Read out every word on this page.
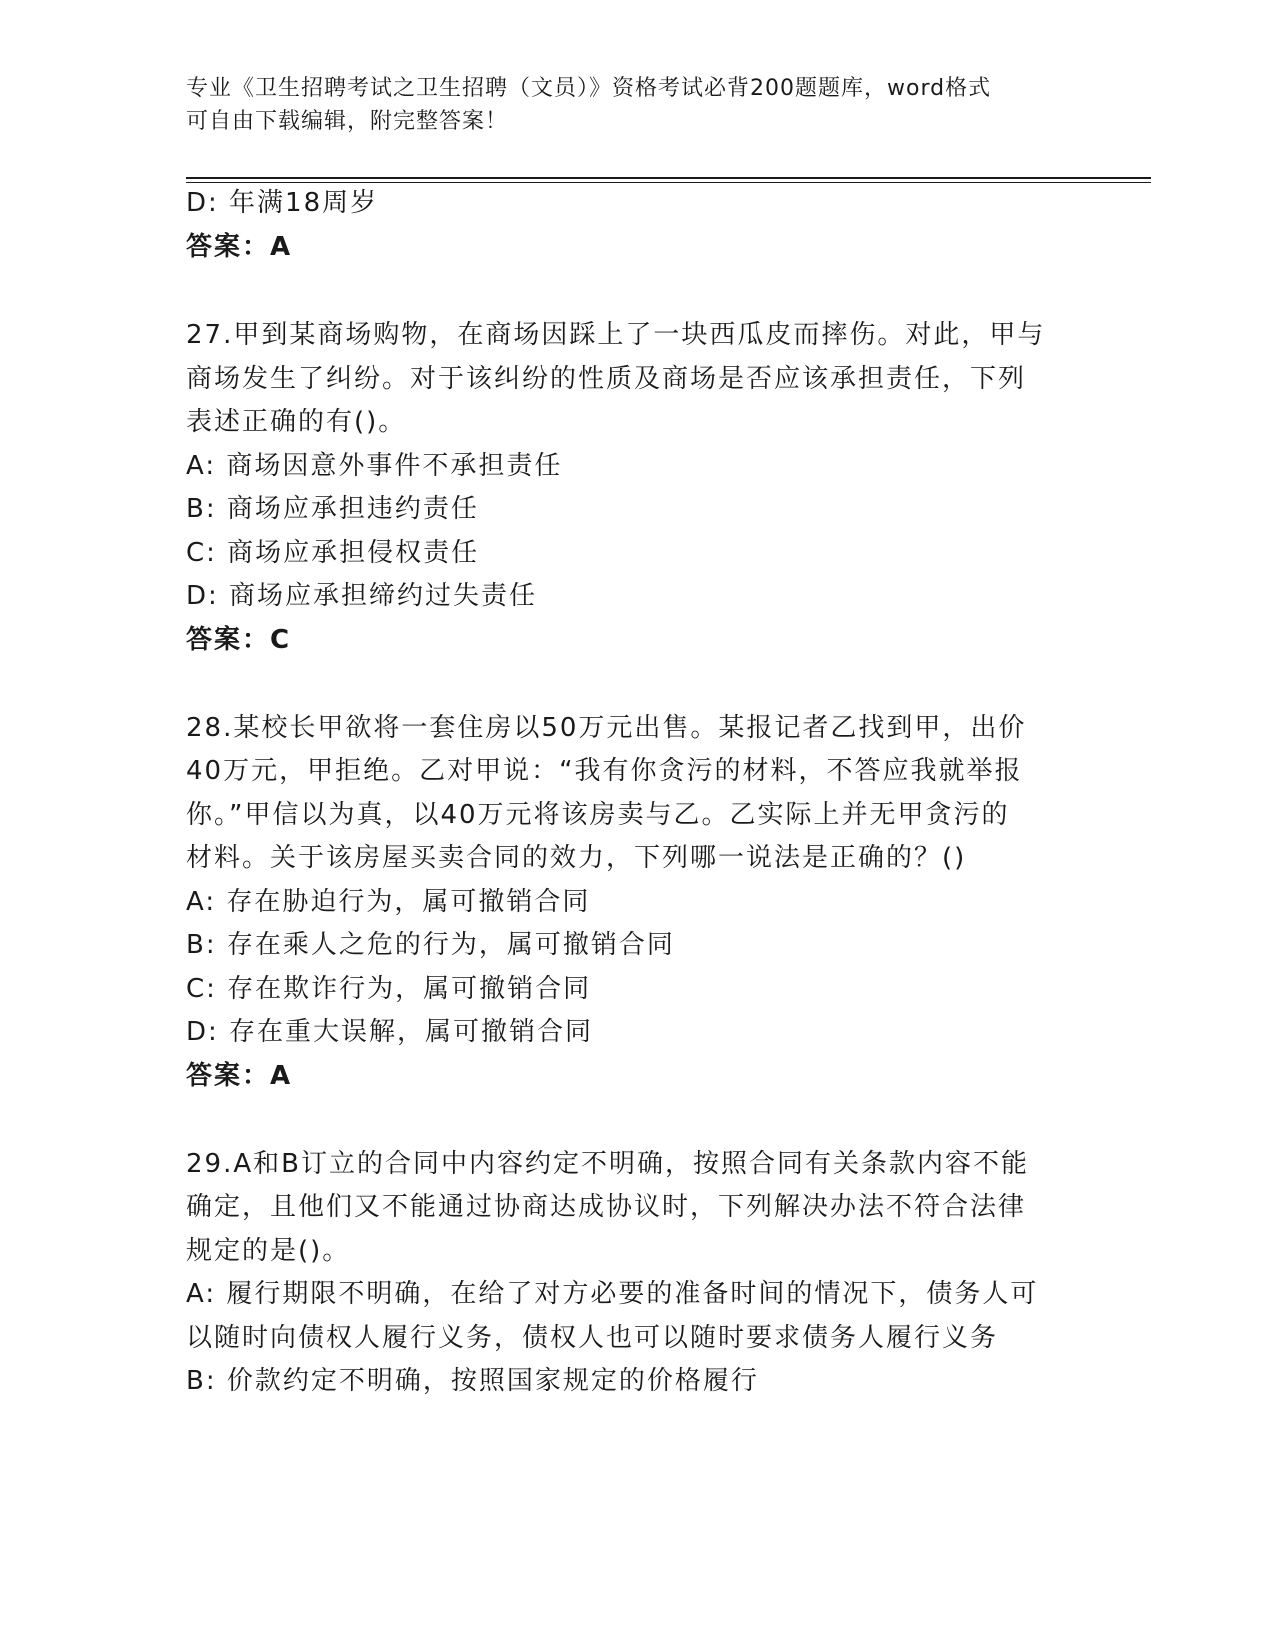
专业《卫生招聘考试之卫生招聘（文员）》资格考试必背200题题库，word格式
可自由下载编辑，附完整答案！
D: 年满18周岁
答案：A
27.甲到某商场购物，在商场因踩上了一块西瓜皮而摔伤。对此，甲与
商场发生了纠纷。对于该纠纷的性质及商场是否应该承担责任，下列
表述正确的有()。
A: 商场因意外事件不承担责任
B: 商场应承担违约责任
C: 商场应承担侵权责任
D: 商场应承担缔约过失责任
答案：C
28.某校长甲欲将一套住房以50万元出售。某报记者乙找到甲，出价
40万元，甲拒绝。乙对甲说：“我有你贪污的材料，不答应我就举报
你。”甲信以为真，以40万元将该房卖与乙。乙实际上并无甲贪污的
材料。关于该房屋买卖合同的效力，下列哪一说法是正确的？()
A: 存在胁迫行为，属可撤销合同
B: 存在乘人之危的行为，属可撤销合同
C: 存在欺诈行为，属可撤销合同
D: 存在重大误解，属可撤销合同
答案：A
29.A和B订立的合同中内容约定不明确，按照合同有关条款内容不能
确定，且他们又不能通过协商达成协议时，下列解决办法不符合法律
规定的是()。
A: 履行期限不明确，在给了对方必要的准备时间的情况下，债务人可
以随时向债权人履行义务，债权人也可以随时要求债务人履行义务
B: 价款约定不明确，按照国家规定的价格履行
